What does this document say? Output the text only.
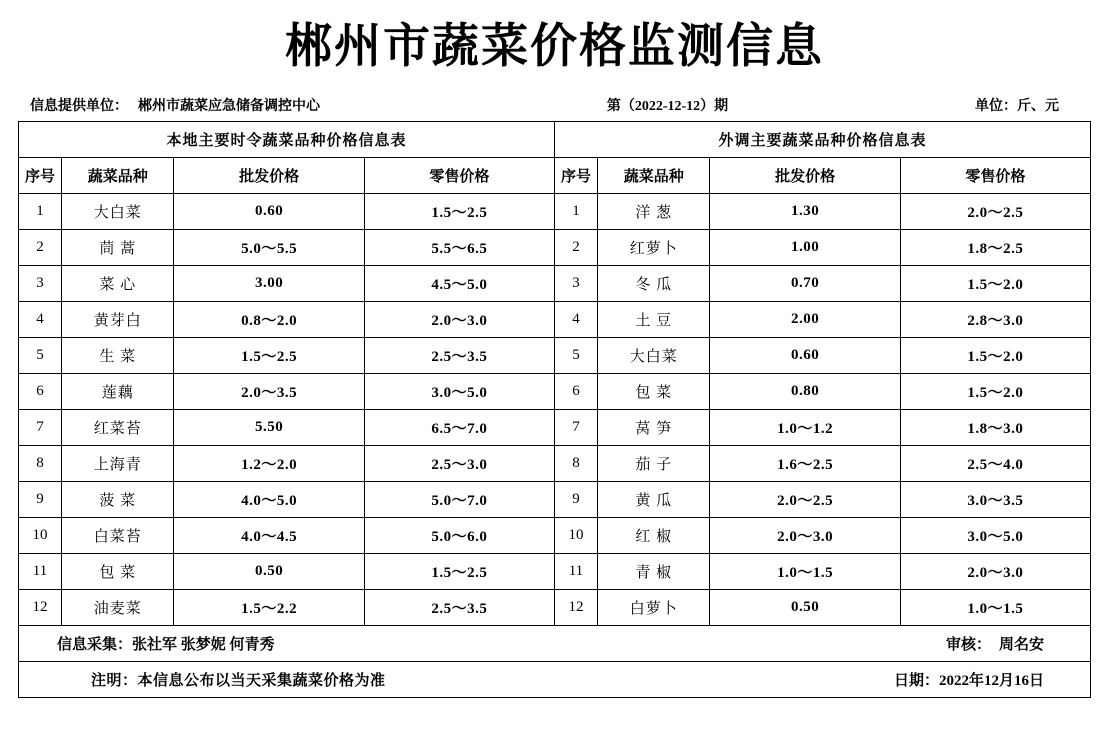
郴州市蔬菜价格监测信息
信息提供单位： 郴州市蔬菜应急储备调控中心	第（2022-12-12）期	单位：斤、元
本地主要时令蔬菜品种价格信息表				外调主要蔬菜品种价格信息表			
序号	蔬菜品种	批发价格	零售价格	序号	蔬菜品种	批发价格	零售价格
1	大白菜	0.60	1.5～2.5	1	洋 葱	1.30	2.0～2.5
2	茼 蒿	5.0～5.5	5.5～6.5	2	红萝卜	1.00	1.8～2.5
3	菜 心	3.00	4.5～5.0	3	冬 瓜	0.70	1.5～2.0
4	黄芽白	0.8～2.0	2.0～3.0	4	土 豆	2.00	2.8～3.0
5	生 菜	1.5～2.5	2.5～3.5	5	大白菜	0.60	1.5～2.0
6	莲藕	2.0～3.5	3.0～5.0	6	包 菜	0.80	1.5～2.0
7	红菜苔	5.50	6.5～7.0	7	莴 笋	1.0～1.2	1.8～3.0
8	上海青	1.2～2.0	2.5～3.0	8	茄 子	1.6～2.5	2.5～4.0
9	菠 菜	4.0～5.0	5.0～7.0	9	黄 瓜	2.0～2.5	3.0～3.5
10	白菜苔	4.0～4.5	5.0～6.0	10	红 椒	2.0～3.0	3.0～5.0
11	包 菜	0.50	1.5～2.5	11	青 椒	1.0～1.5	2.0～3.0
12	油麦菜	1.5～2.2	2.5～3.5	12	白萝卜	0.50	1.0～1.5

信息采集：张社军 张梦妮 何青秀 审核： 周名安							

注明：本信息公布以当天采集蔬菜价格为准 日期：2022年12月16日							
